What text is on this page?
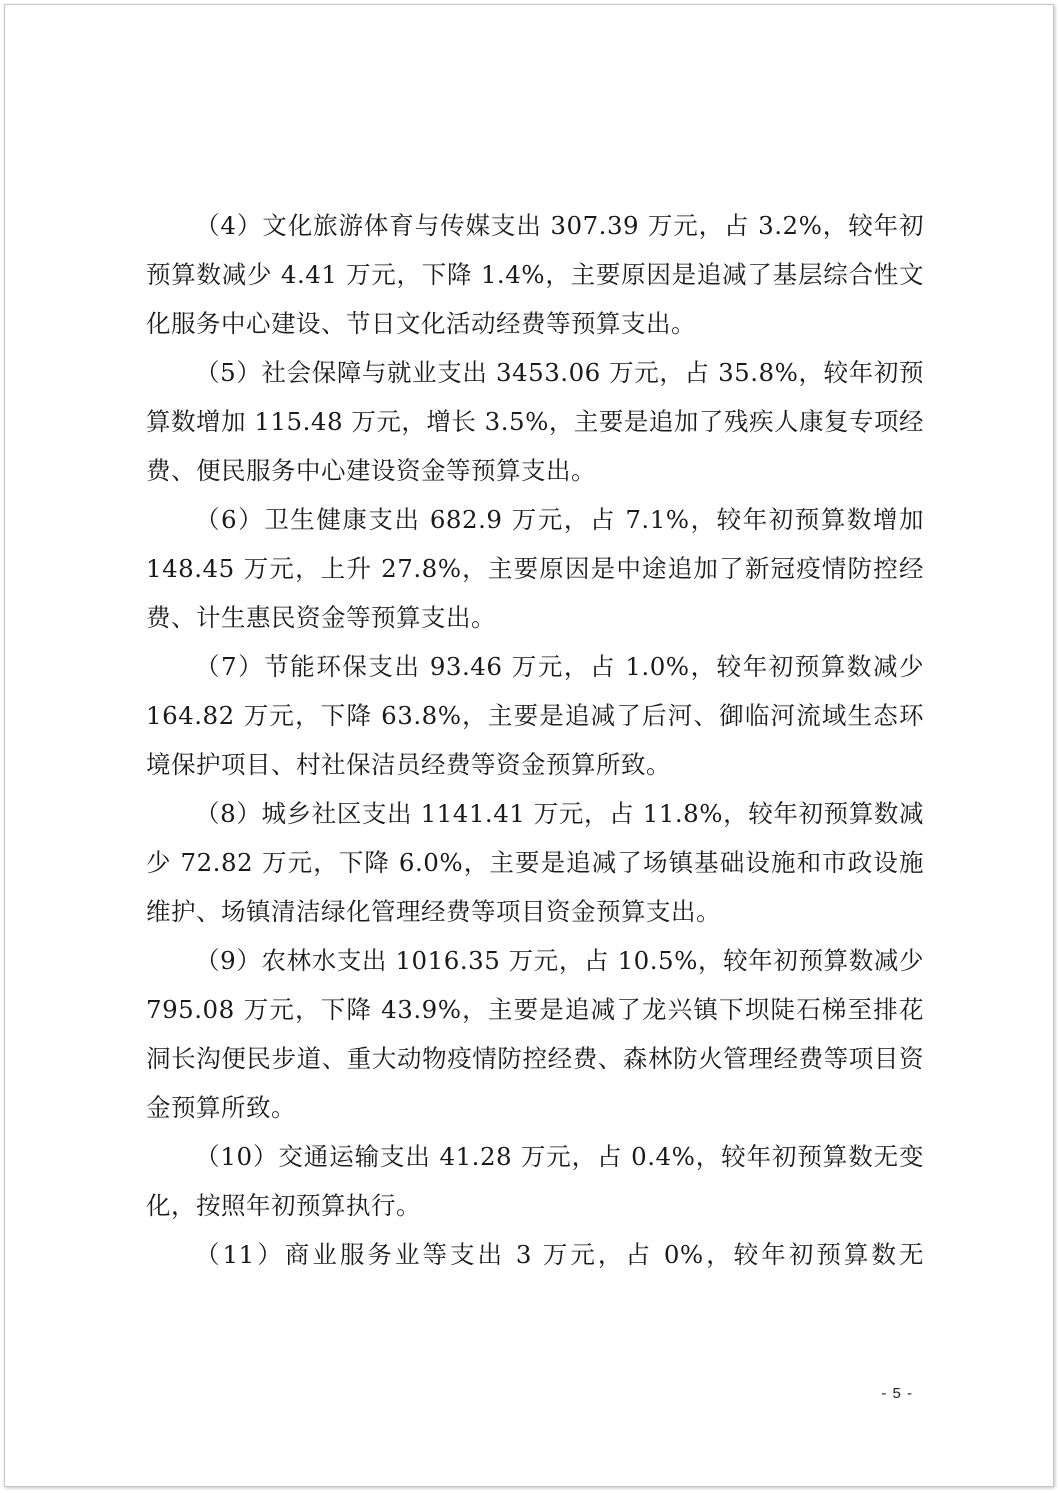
（4）文化旅游体育与传媒支出 307.39 万元，占 3.2%，较年初预算数减少 4.41 万元，下降 1.4%，主要原因是追减了基层综合性文化服务中心建设、节日文化活动经费等预算支出。

（5）社会保障与就业支出 3453.06 万元，占 35.8%，较年初预算数增加 115.48 万元，增长 3.5%，主要是追加了残疾人康复专项经费、便民服务中心建设资金等预算支出。

（6）卫生健康支出 682.9 万元，占 7.1%，较年初预算数增加 148.45 万元，上升 27.8%，主要原因是中途追加了新冠疫情防控经费、计生惠民资金等预算支出。

（7）节能环保支出 93.46 万元，占 1.0%，较年初预算数减少 164.82 万元，下降 63.8%，主要是追减了后河、御临河流域生态环境保护项目、村社保洁员经费等资金预算所致。

（8）城乡社区支出 1141.41 万元，占 11.8%，较年初预算数减少 72.82 万元，下降 6.0%，主要是追减了场镇基础设施和市政设施维护、场镇清洁绿化管理经费等项目资金预算支出。

（9）农林水支出 1016.35 万元，占 10.5%，较年初预算数减少 795.08 万元，下降 43.9%，主要是追减了龙兴镇下坝陡石梯至排花洞长沟便民步道、重大动物疫情防控经费、森林防火管理经费等项目资金预算所致。

（10）交通运输支出 41.28 万元，占 0.4%，较年初预算数无变化，按照年初预算执行。

（11）商业服务业等支出 3 万元，占 0%，较年初预算数无

- 5 -
